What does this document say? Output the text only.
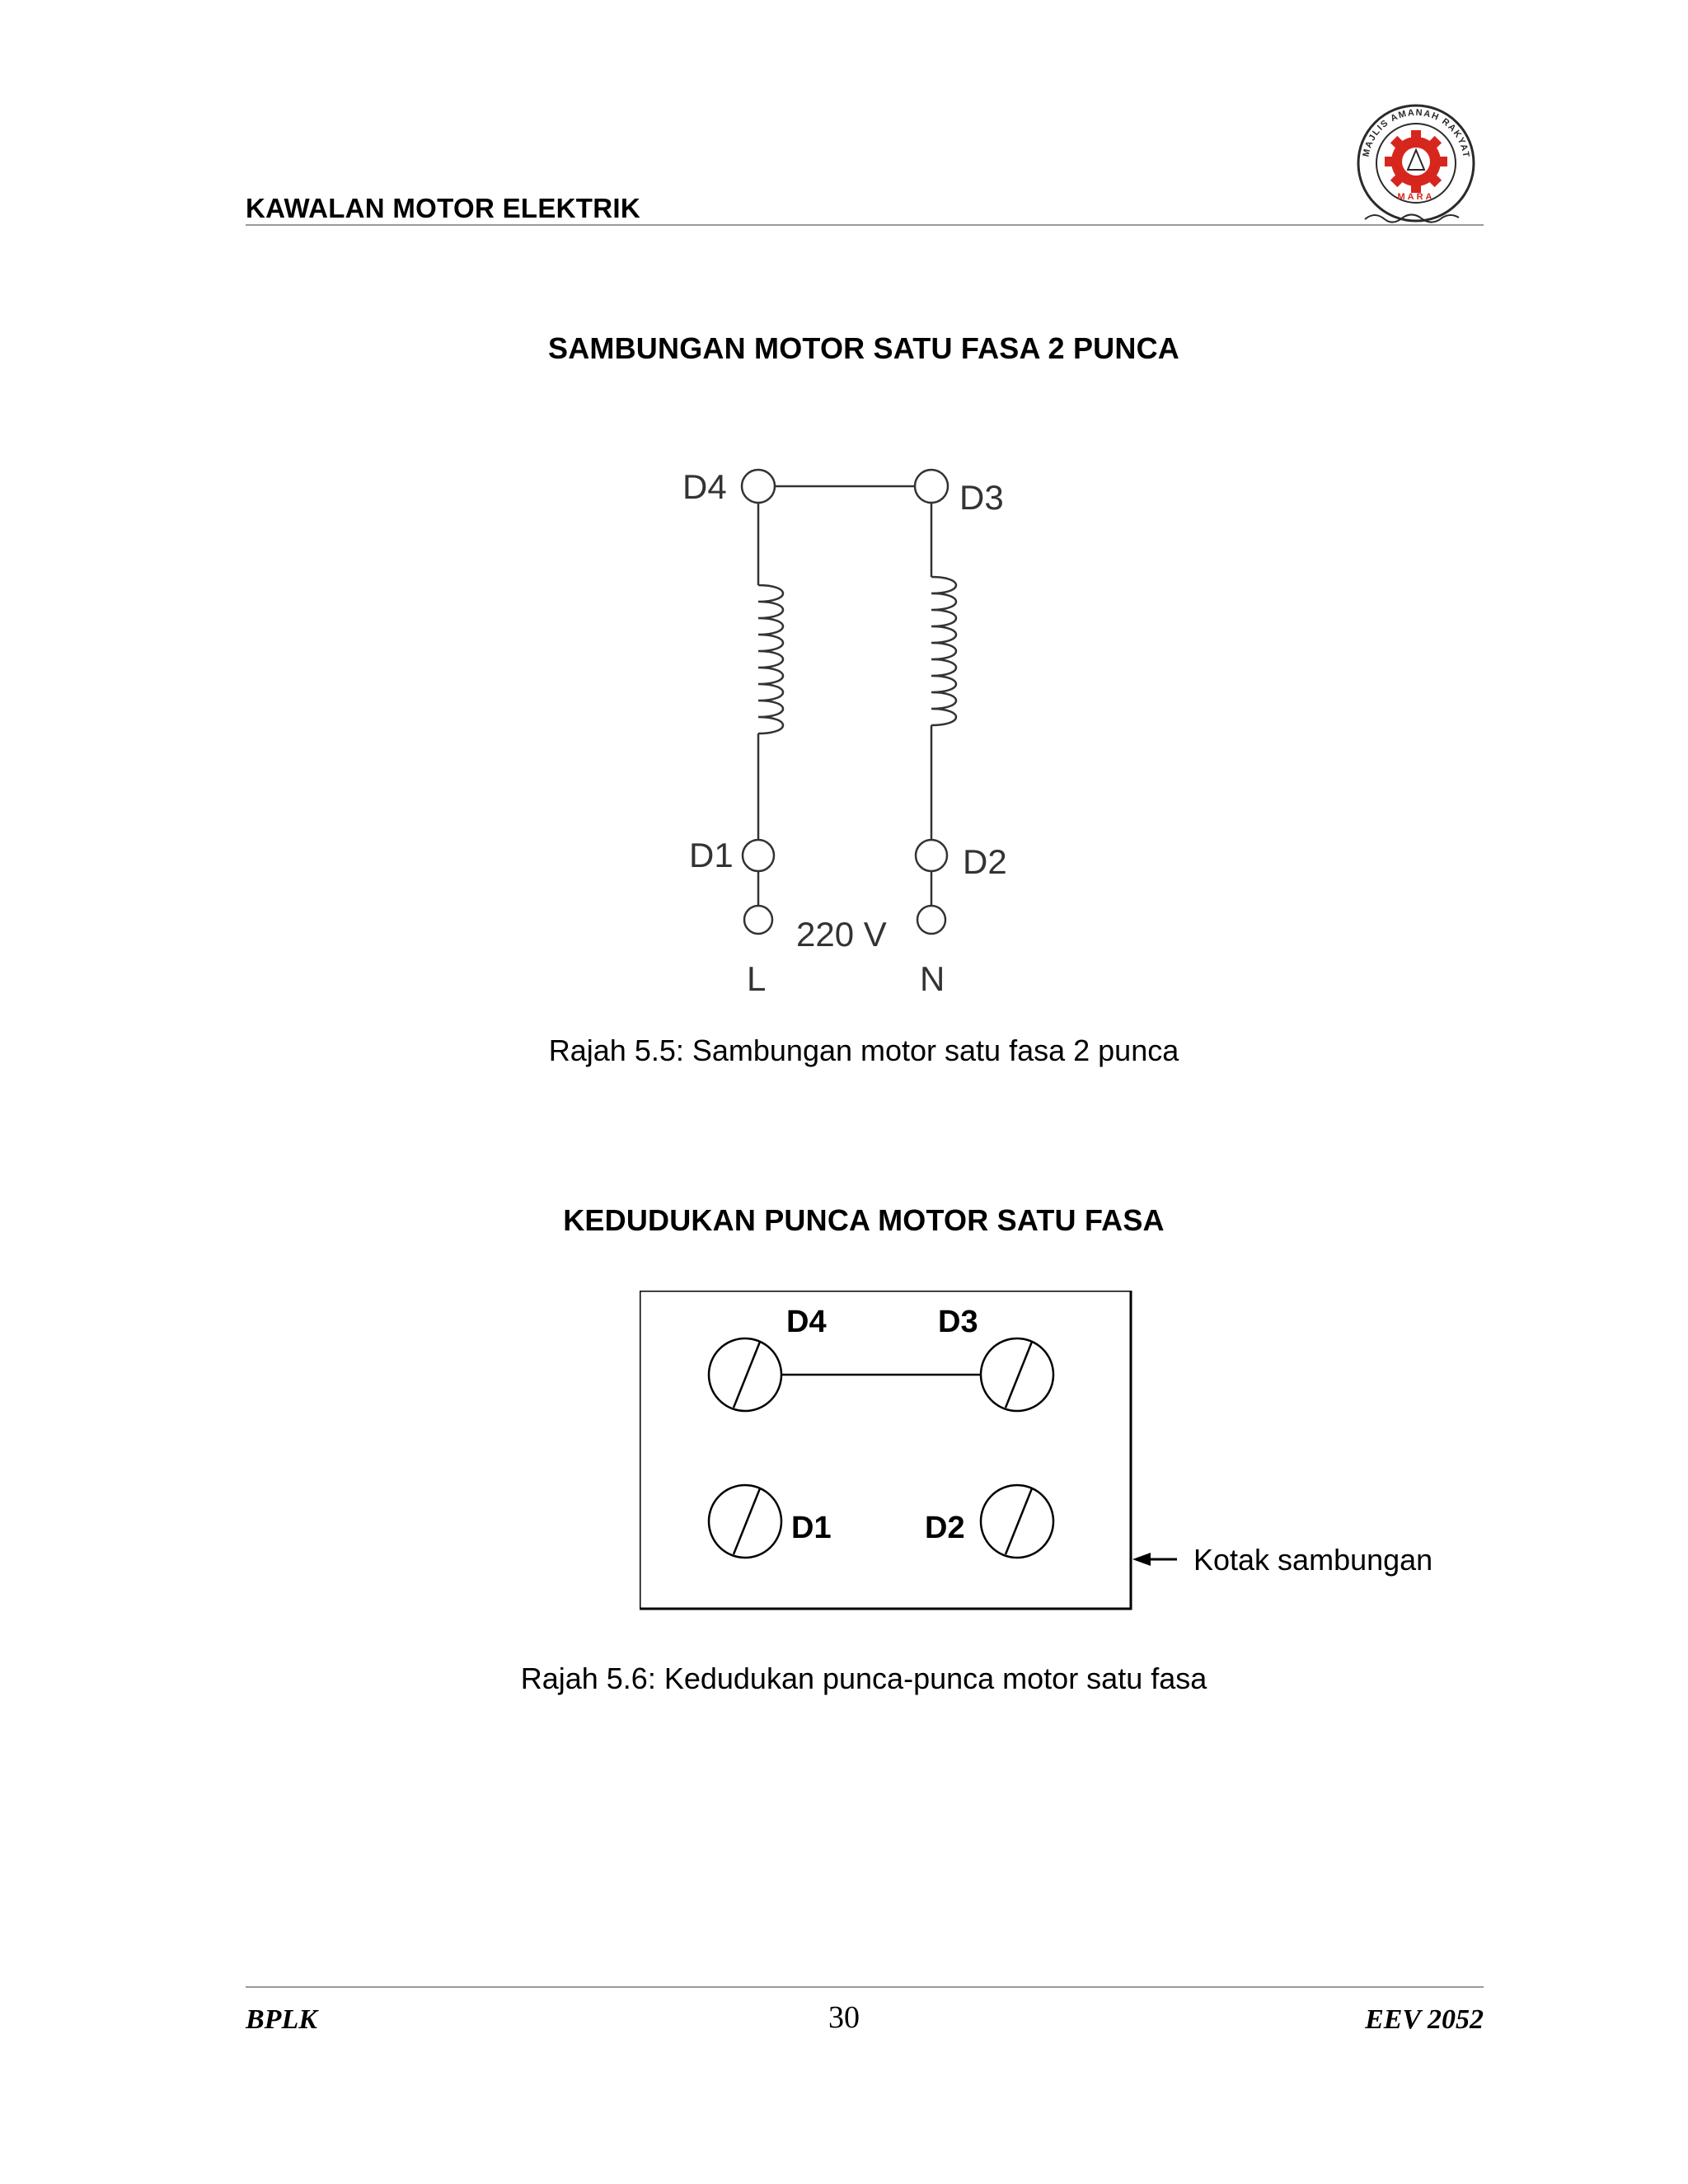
KAWALAN MOTOR ELEKTRIK
MAJLIS AMANAH RAKYAT
MARA
SAMBUNGAN MOTOR SATU FASA 2 PUNCA
D4	D3
D1	D2
220 V
L	N
Rajah 5.5: Sambungan motor satu fasa 2 punca
KEDUDUKAN PUNCA MOTOR SATU FASA
D4	D3
D1	D2
Kotak sambungan
Rajah 5.6: Kedudukan punca-punca motor satu fasa
BPLK	30	EEV 2052
